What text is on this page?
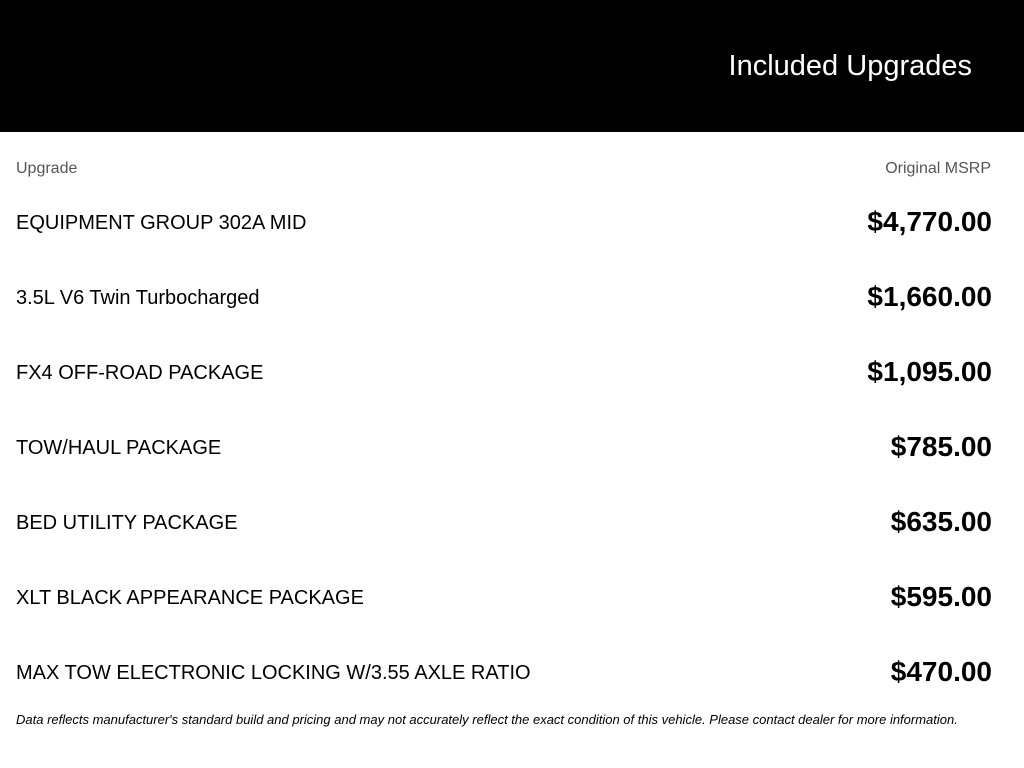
Included Upgrades
Upgrade	Original MSRP
EQUIPMENT GROUP 302A MID	$4,770.00
3.5L V6 Twin Turbocharged	$1,660.00
FX4 OFF-ROAD PACKAGE	$1,095.00
TOW/HAUL PACKAGE	$785.00
BED UTILITY PACKAGE	$635.00
XLT BLACK APPEARANCE PACKAGE	$595.00
MAX TOW ELECTRONIC LOCKING W/3.55 AXLE RATIO	$470.00
Data reflects manufacturer's standard build and pricing and may not accurately reflect the exact condition of this vehicle. Please contact dealer for more information.
